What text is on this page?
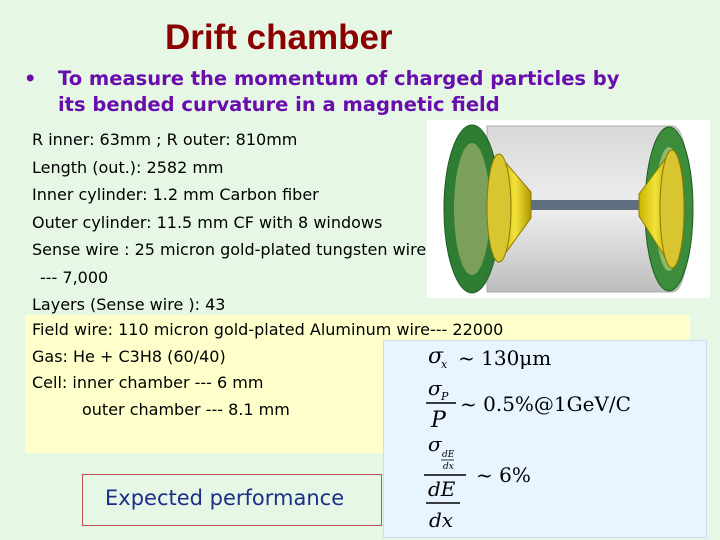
Drift chamber
• To measure the momentum of charged particles by
its bended curvature in a magnetic field
R inner: 63mm ; R outer: 810mm
Length (out.): 2582 mm
Inner cylinder: 1.2 mm Carbon fiber
Outer cylinder: 11.5 mm CF with 8 windows
Sense wire : 25 micron gold-plated tungsten wire
--- 7,000
Layers (Sense wire ): 43
Field wire: 110 micron gold-plated Aluminum wire--- 22000
Gas: He + C3H8 (60/40)
Cell: inner chamber --- 6 mm
outer chamber --- 8.1 mm
Expected performance
σ
x ~ 130μm
σ P
P
~ 0.5%@1GeV/C
σ dE
dx
dE
dx
~ 6%
